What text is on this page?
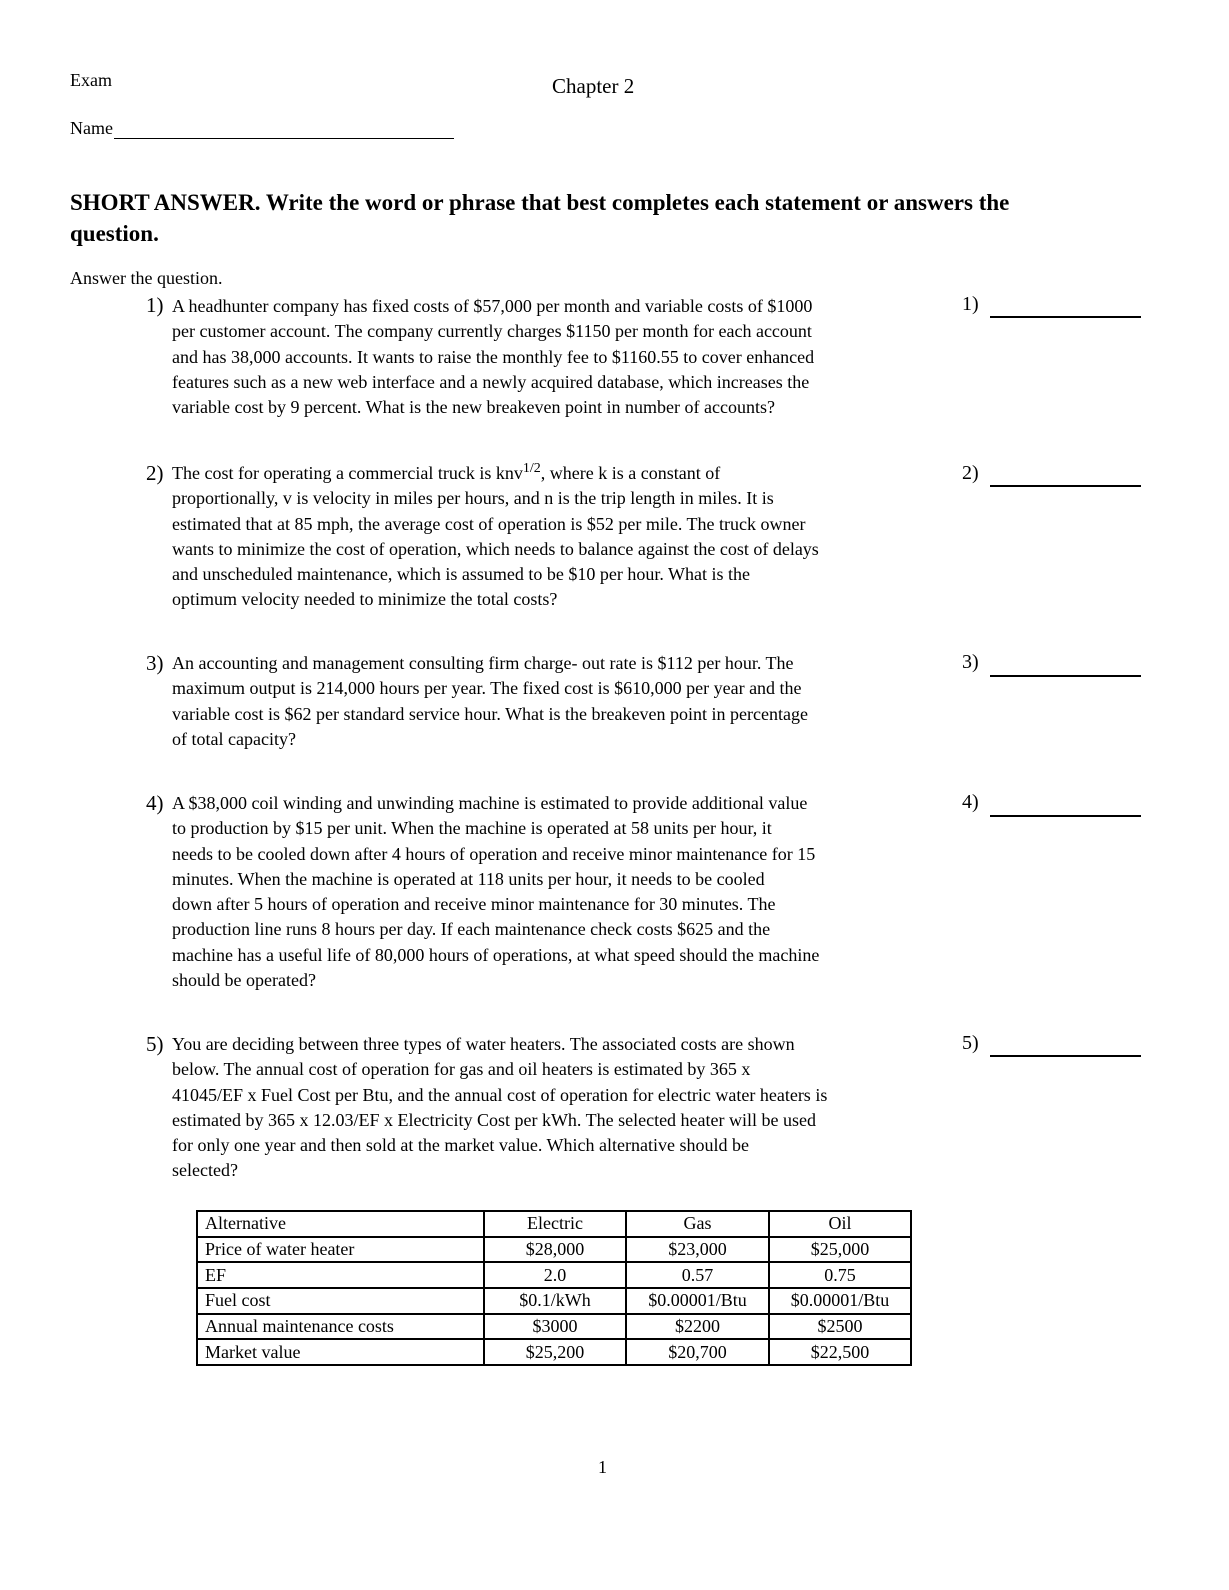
Exam	Chapter 2
Name
SHORT ANSWER. Write the word or phrase that best completes each statement or answers the question.
Answer the question.
1) A headhunter company has fixed costs of $57,000 per month and variable costs of $1000
per customer account. The company currently charges $1150 per month for each account
and has 38,000 accounts. It wants to raise the monthly fee to $1160.55 to cover enhanced
features such as a new web interface and a newly acquired database, which increases the
variable cost by 9 percent. What is the new breakeven point in number of accounts?
1)
2) The cost for operating a commercial truck is knv$^{1/2}$, where k is a constant of
proportionally, v is velocity in miles per hours, and n is the trip length in miles. It is
estimated that at 85 mph, the average cost of operation is $52 per mile. The truck owner
wants to minimize the cost of operation, which needs to balance against the cost of delays
and unscheduled maintenance, which is assumed to be $10 per hour. What is the
optimum velocity needed to minimize the total costs?
2)
3) An accounting and management consulting firm charge- out rate is $112 per hour. The
maximum output is 214,000 hours per year. The fixed cost is $610,000 per year and the
variable cost is $62 per standard service hour. What is the breakeven point in percentage
of total capacity?
3)
4) A $38,000 coil winding and unwinding machine is estimated to provide additional value
to production by $15 per unit. When the machine is operated at 58 units per hour, it
needs to be cooled down after 4 hours of operation and receive minor maintenance for 15
minutes. When the machine is operated at 118 units per hour, it needs to be cooled
down after 5 hours of operation and receive minor maintenance for 30 minutes. The
production line runs 8 hours per day. If each maintenance check costs $625 and the
machine has a useful life of 80,000 hours of operations, at what speed should the machine
should be operated?
4)
5) You are deciding between three types of water heaters. The associated costs are shown
below. The annual cost of operation for gas and oil heaters is estimated by 365 x
41045/EF x Fuel Cost per Btu, and the annual cost of operation for electric water heaters is
estimated by 365 x 12.03/EF x Electricity Cost per kWh. The selected heater will be used
for only one year and then sold at the market value. Which alternative should be
selected?
5)
Alternative	Electric	Gas	Oil
Price of water heater	$28,000	$23,000	$25,000
EF	2.0	0.57	0.75
Fuel cost	$0.1/kWh	$0.00001/Btu	$0.00001/Btu
Annual maintenance costs	$3000	$2200	$2500
Market value	$25,200	$20,700	$22,500
1
